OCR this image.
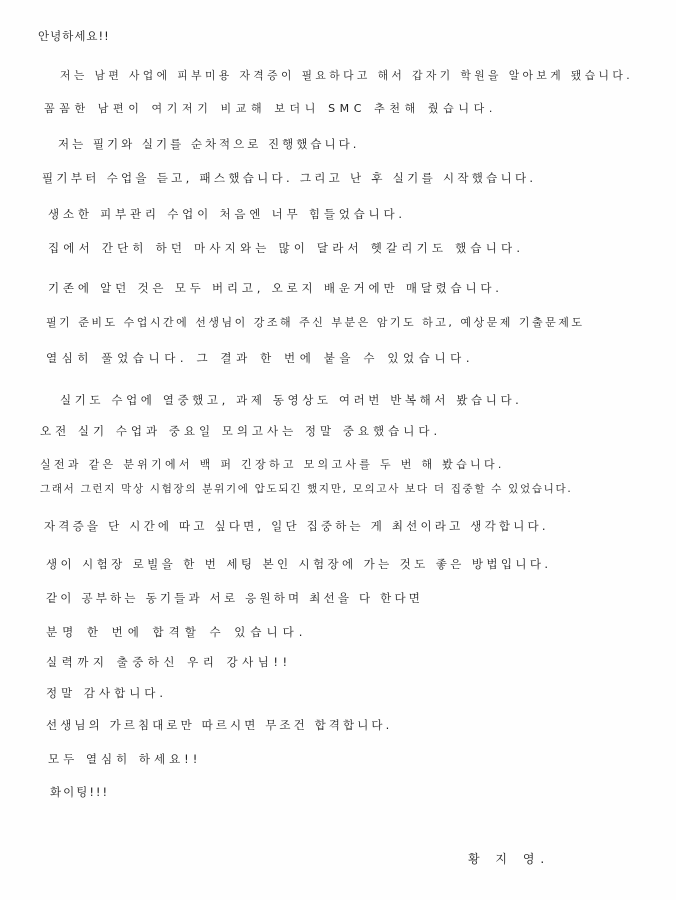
안녕하세요!!
저는 남편 사업에 피부미용 자격증이 필요하다고 해서 갑자기 학원을 알아보게 됐습니다.
꼼꼼한 남편이 여기저기 비교해 보더니 SMC 추천해 줬습니다.
저는 필기와 실기를 순차적으로 진행했습니다.
필기부터 수업을 듣고, 패스했습니다. 그리고 난 후 실기를 시작했습니다.
생소한 피부관리 수업이 처음엔 너무 힘들었습니다.
집에서 간단히 하던 마사지와는 많이 달라서 헷갈리기도 했습니다.
기존에 알던 것은 모두 버리고, 오로지 배운거에만 매달렸습니다.
필기 준비도 수업시간에 선생님이 강조해 주신 부분은 암기도 하고, 예상문제 기출문제도
열심히 풀었습니다. 그 결과 한 번에 붙을 수 있었습니다.
실기도 수업에 열중했고, 과제 동영상도 여러번 반복해서 봤습니다.
오전 실기 수업과 중요일 모의고사는 정말 중요했습니다.
실전과 같은 분위기에서 백 퍼 긴장하고 모의고사를 두 번 해 봤습니다.
그래서 그런지 막상 시험장의 분위기에 압도되긴 했지만, 모의고사 보다 더 집중할 수 있었습니다.
자격증을 단 시간에 따고 싶다면, 일단 집중하는 게 최선이라고 생각합니다.
생이 시험장 로빌을 한 번 세팅 본인 시험장에 가는 것도 좋은 방법입니다.
같이 공부하는 동기들과 서로 응원하며 최선을 다 한다면
분명 한 번에 합격할 수 있습니다.
실력까지 출중하신 우리 강사님!!
정말 감사합니다.
선생님의 가르침대로만 따르시면 무조건 합격합니다.
모두 열심히 하세요!!
화이팅!!!
황 지 영.
